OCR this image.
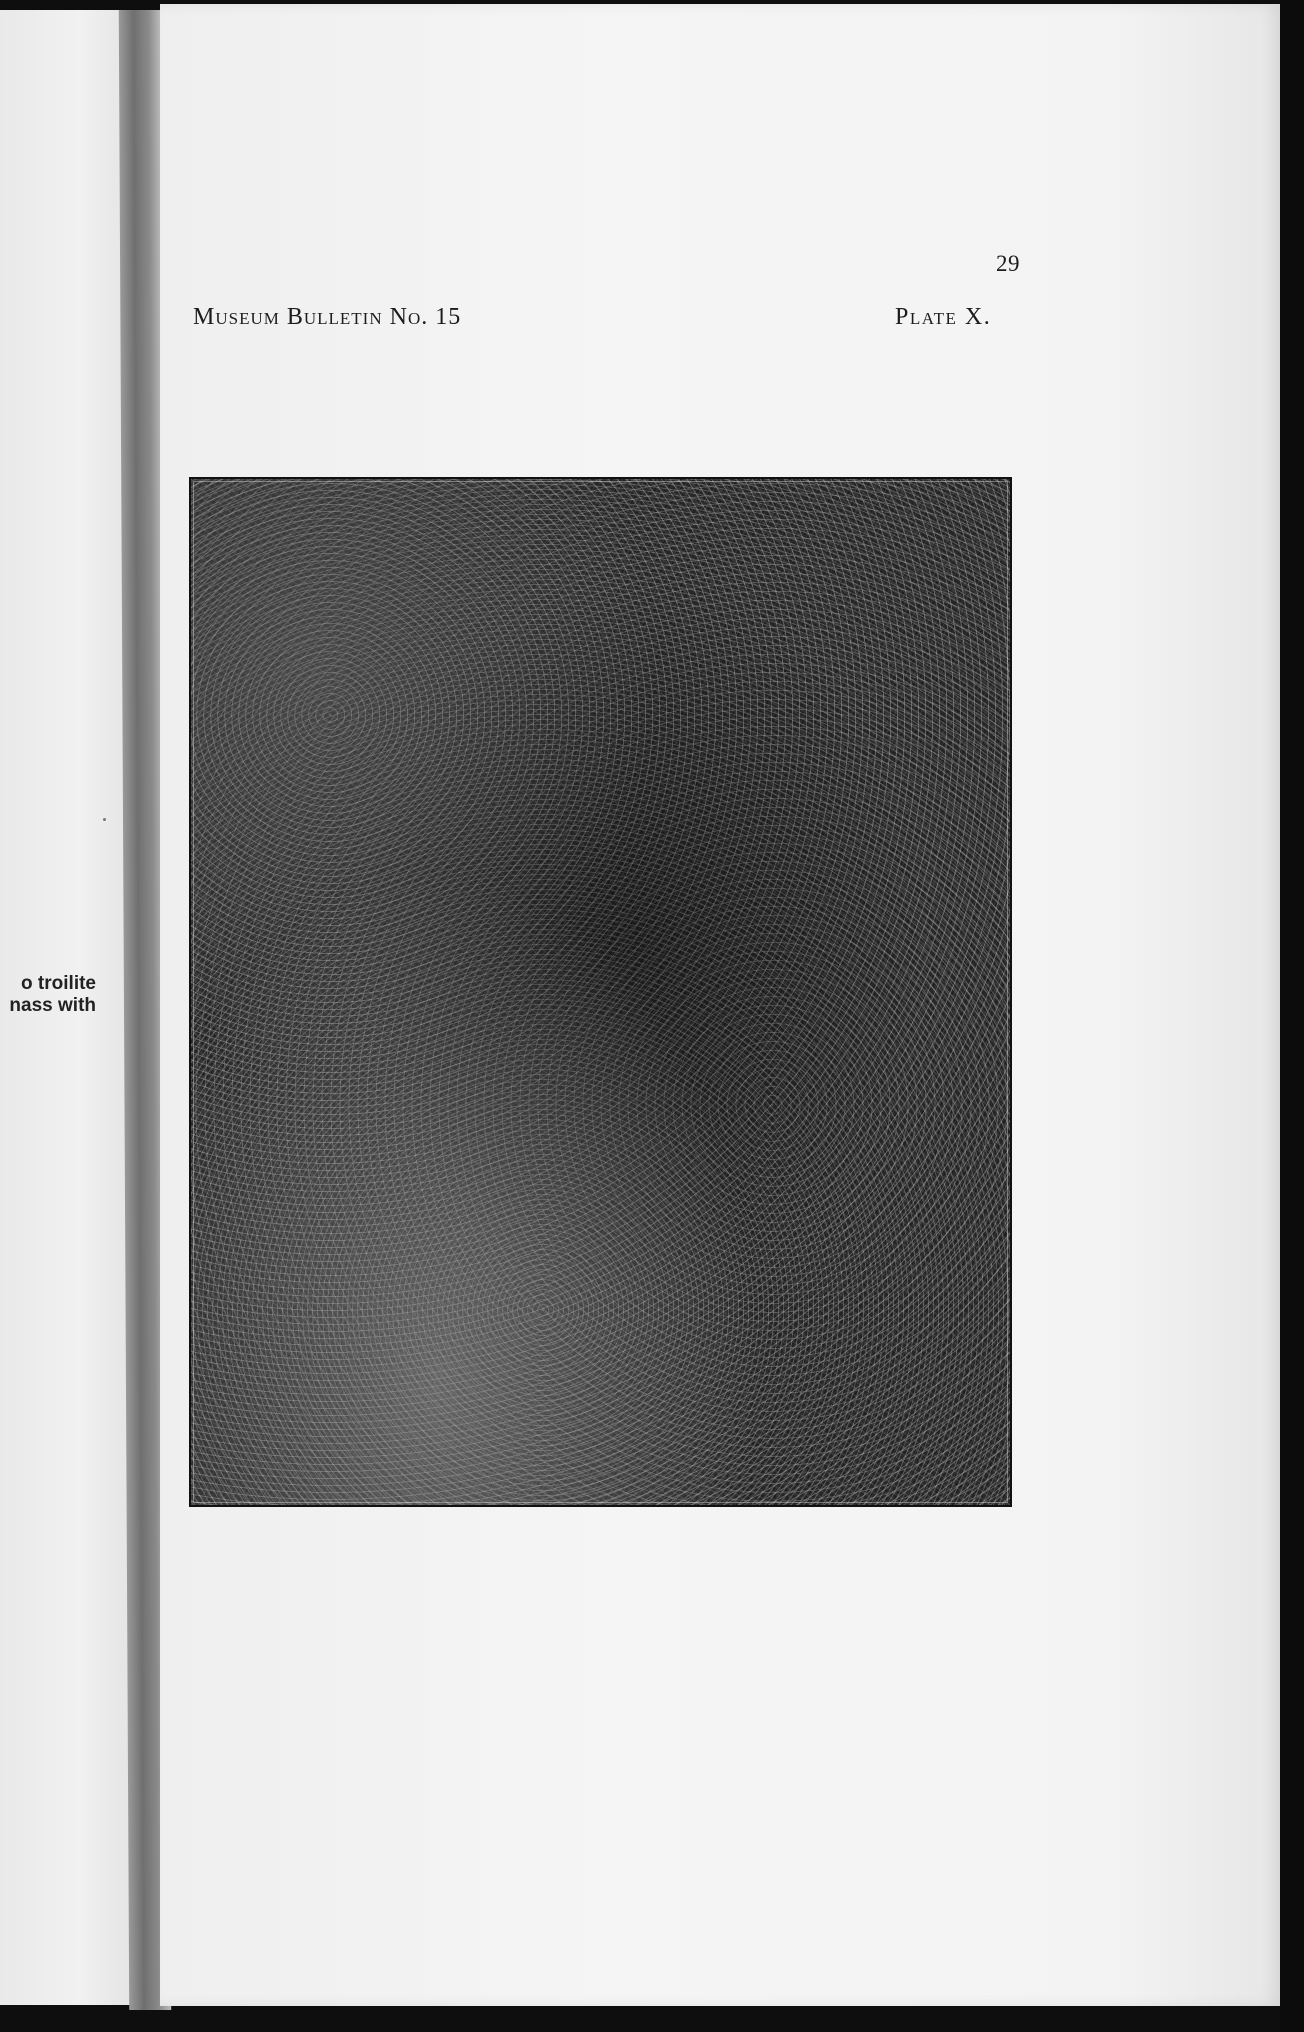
o troilite
nass with
29
Museum Bulletin No. 15	Plate X.
